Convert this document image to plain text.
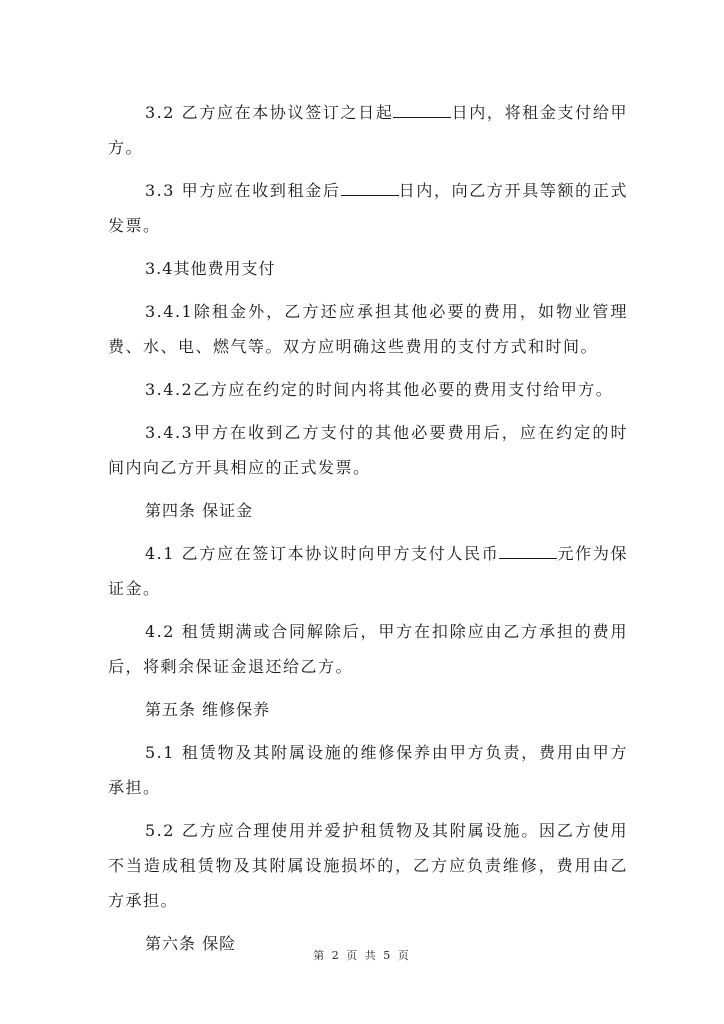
3.2 乙方应在本协议签订之日起	日内，将租金支付给甲方。

3.3 甲方应在收到租金后	日内，向乙方开具等额的正式发票。

3.4其他费用支付

3.4.1除租金外，乙方还应承担其他必要的费用，如物业管理费、水、电、燃气等。双方应明确这些费用的支付方式和时间。

3.4.2乙方应在约定的时间内将其他必要的费用支付给甲方。

3.4.3甲方在收到乙方支付的其他必要费用后，应在约定的时间内向乙方开具相应的正式发票。

第四条 保证金

4.1 乙方应在签订本协议时向甲方支付人民币	元作为保证金。

4.2 租赁期满或合同解除后，甲方在扣除应由乙方承担的费用后，将剩余保证金退还给乙方。

第五条 维修保养

5.1 租赁物及其附属设施的维修保养由甲方负责，费用由甲方承担。

5.2 乙方应合理使用并爱护租赁物及其附属设施。因乙方使用不当造成租赁物及其附属设施损坏的，乙方应负责维修，费用由乙方承担。

第六条 保险

第 2 页 共 5 页
